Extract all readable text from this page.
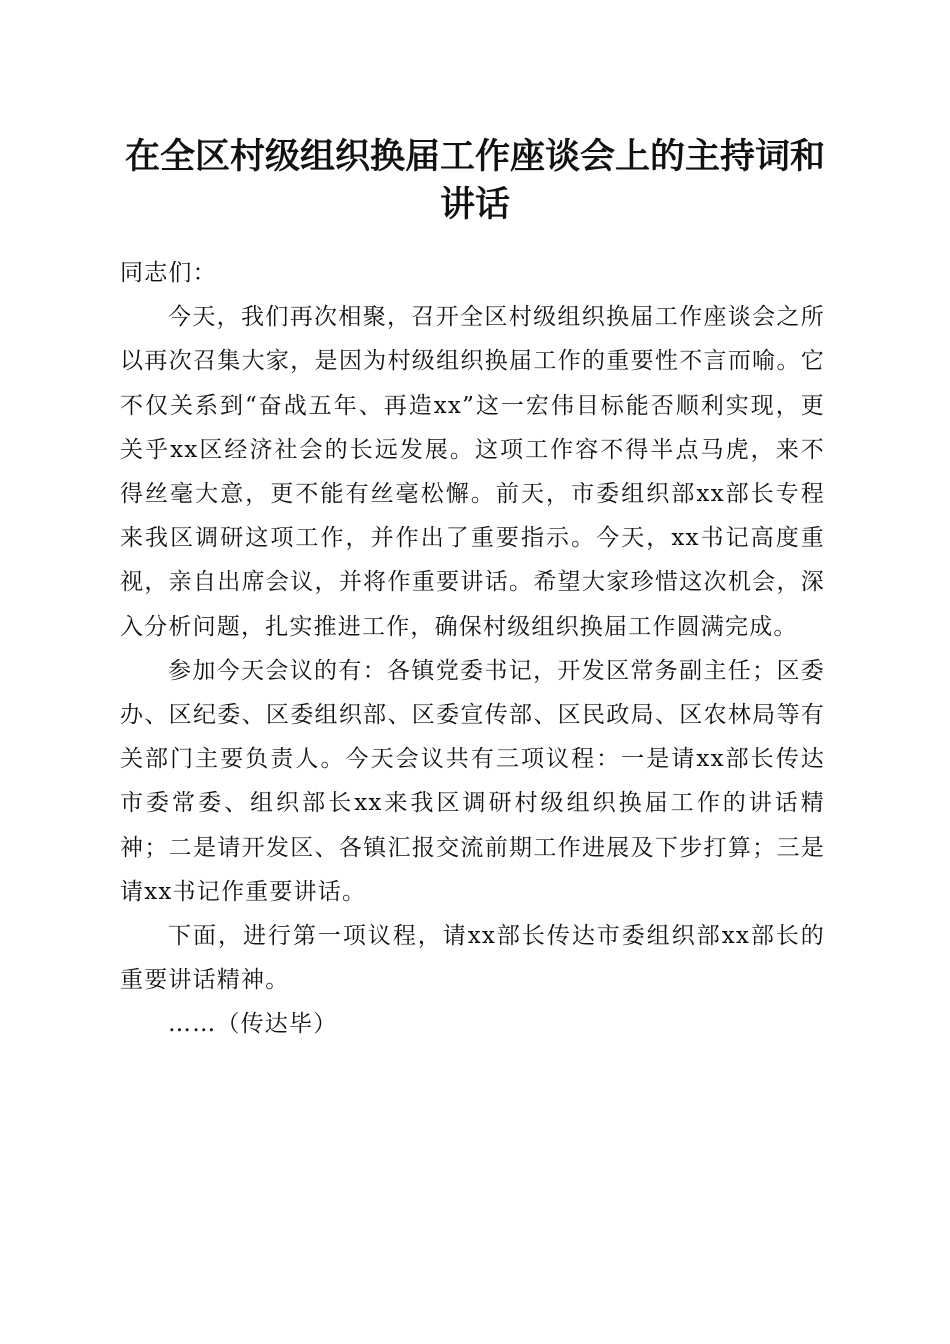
在全区村级组织换届工作座谈会上的主持词和
讲话

同志们：

今天，我们再次相聚，召开全区村级组织换届工作座谈会之所以再次召集大家，是因为村级组织换届工作的重要性不言而喻。它不仅关系到“奋战五年、再造xx”这一宏伟目标能否顺利实现，更关乎xx区经济社会的长远发展。这项工作容不得半点马虎，来不得丝毫大意，更不能有丝毫松懈。前天，市委组织部xx部长专程来我区调研这项工作，并作出了重要指示。今天，xx书记高度重视，亲自出席会议，并将作重要讲话。希望大家珍惜这次机会，深入分析问题，扎实推进工作，确保村级组织换届工作圆满完成。

参加今天会议的有：各镇党委书记，开发区常务副主任；区委办、区纪委、区委组织部、区委宣传部、区民政局、区农林局等有关部门主要负责人。今天会议共有三项议程：一是请xx部长传达市委常委、组织部长xx来我区调研村级组织换届工作的讲话精神；二是请开发区、各镇汇报交流前期工作进展及下步打算；三是请xx书记作重要讲话。

下面，进行第一项议程，请xx部长传达市委组织部xx部长的重要讲话精神。

……（传达毕）
